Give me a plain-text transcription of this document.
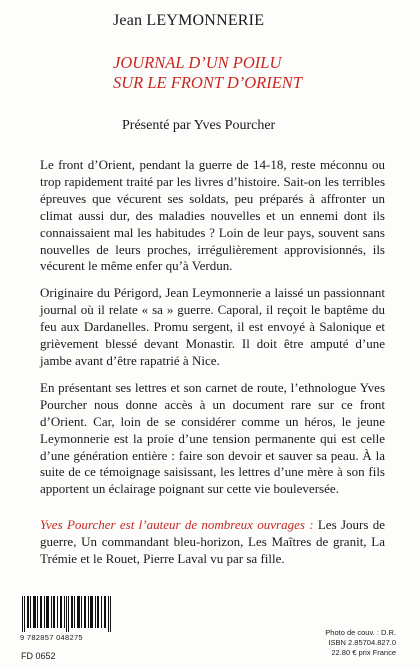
Jean LEYMONNERIE
JOURNAL D’UN POILU
SUR LE FRONT D’ORIENT
Présenté par Yves Pourcher

Le front d’Orient, pendant la guerre de 14-18, reste méconnu ou trop rapidement traité par les livres d’histoire. Sait-on les terribles épreuves que vécurent ses soldats, peu préparés à affronter un climat aussi dur, des maladies nouvelles et un ennemi dont ils connaissaient mal les habitudes ? Loin de leur pays, souvent sans nouvelles de leurs proches, irrégulièrement approvisionnés, ils vécurent le même enfer qu’à Verdun.

Originaire du Périgord, Jean Leymonnerie a laissé un passionnant journal où il relate « sa » guerre. Caporal, il reçoit le baptême du feu aux Dardanelles. Promu sergent, il est envoyé à Salonique et grièvement blessé devant Monastir. Il doit être amputé d’une jambe avant d’être rapatrié à Nice.

En présentant ses lettres et son carnet de route, l’ethnologue Yves Pourcher nous donne accès à un document rare sur ce front d’Orient. Car, loin de se considérer comme un héros, le jeune Leymonnerie est la proie d’une tension permanente qui est celle d’une génération entière : faire son devoir et sauver sa peau. À la suite de ce témoignage saisissant, les lettres d’une mère à son fils apportent un éclairage poignant sur cette vie bouleversée.

Yves Pourcher est l’auteur de nombreux ouvrages : Les Jours de guerre, Un commandant bleu-horizon, Les Maîtres de granit, La Trémie et le Rouet, Pierre Laval vu par sa fille.
9 782857 048275
FD 0652
Photo de couv. : D.R.
ISBN 2.85704.827.0
22.80 € prix France
